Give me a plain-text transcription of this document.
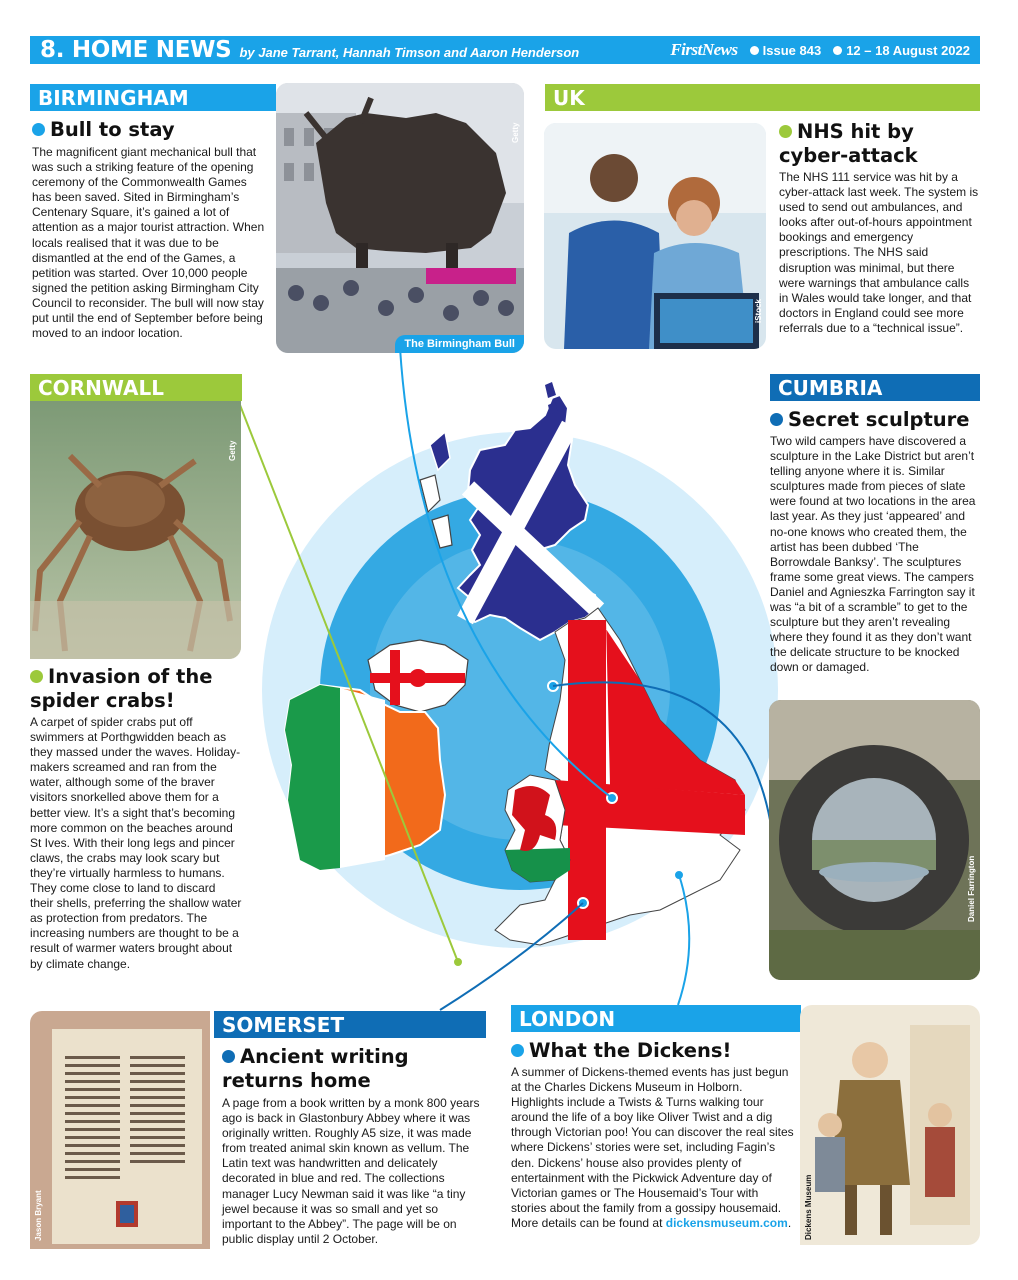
8. HOME NEWS by Jane Tarrant, Hannah Timson and Aaron Henderson	FirstNews Issue 843 12 – 18 August 2022
BIRMINGHAM
Bull to stay
The magnificent giant mechanical bull that was such a striking feature of the opening ceremony of the Commonwealth Games has been saved. Sited in Birmingham’s Centenary Square, it’s gained a lot of attention as a major tourist attraction. When locals realised that it was due to be dismantled at the end of the Games, a petition was started. Over 10,000 people signed the petition asking Birmingham City Council to reconsider. The bull will now stay put until the end of September before being moved to an indoor location.
Getty
The Birmingham Bull
UK
iStock
NHS hit by cyber-attack
The NHS 111 service was hit by a cyber-attack last week. The system is used to send out ambulances, and looks after out-of-hours appointment bookings and emergency prescriptions. The NHS said disruption was minimal, but there were warnings that ambulance calls in Wales would take longer, and that doctors in England could see more referrals due to a “technical issue”.
CORNWALL
Getty
Invasion of the spider crabs!
A carpet of spider crabs put off swimmers at Porthgwidden beach as they massed under the waves. Holiday-makers screamed and ran from the water, although some of the braver visitors snorkelled above them for a better view. It’s a sight that’s becoming more common on the beaches around St Ives. With their long legs and pincer claws, the crabs may look scary but they’re virtually harmless to humans. They come close to land to discard their shells, preferring the shallow water as protection from predators. The increasing numbers are thought to be a result of warmer waters brought about by climate change.
CUMBRIA
Secret sculpture
Two wild campers have discovered a sculpture in the Lake District but aren’t telling anyone where it is. Similar sculptures made from pieces of slate were found at two locations in the area last year. As they just ‘appeared’ and no-one knows who created them, the artist has been dubbed ‘The Borrowdale Banksy’. The sculptures frame some great views. The campers Daniel and Agnieszka Farrington say it was “a bit of a scramble” to get to the sculpture but they aren’t revealing where they found it as they don’t want the delicate structure to be knocked down or damaged.
Daniel Farrington
Jason Bryant
SOMERSET
Ancient writing returns home
A page from a book written by a monk 800 years ago is back in Glastonbury Abbey where it was originally written. Roughly A5 size, it was made from treated animal skin known as vellum. The Latin text was handwritten and delicately decorated in blue and red. The collections manager Lucy Newman said it was like “a tiny jewel because it was so small and yet so important to the Abbey”. The page will be on public display until 2 October.
LONDON
What the Dickens!
A summer of Dickens-themed events has just begun at the Charles Dickens Museum in Holborn. Highlights include a Twists & Turns walking tour around the life of a boy like Oliver Twist and a dig through Victorian poo! You can discover the real sites where Dickens’ stories were set, including Fagin’s den. Dickens’ house also provides plenty of entertainment with the Pickwick Adventure day of Victorian games or The Housemaid’s Tour with stories about the family from a gossipy housemaid. More details can be found at dickensmuseum.com.	Dickens Museum
